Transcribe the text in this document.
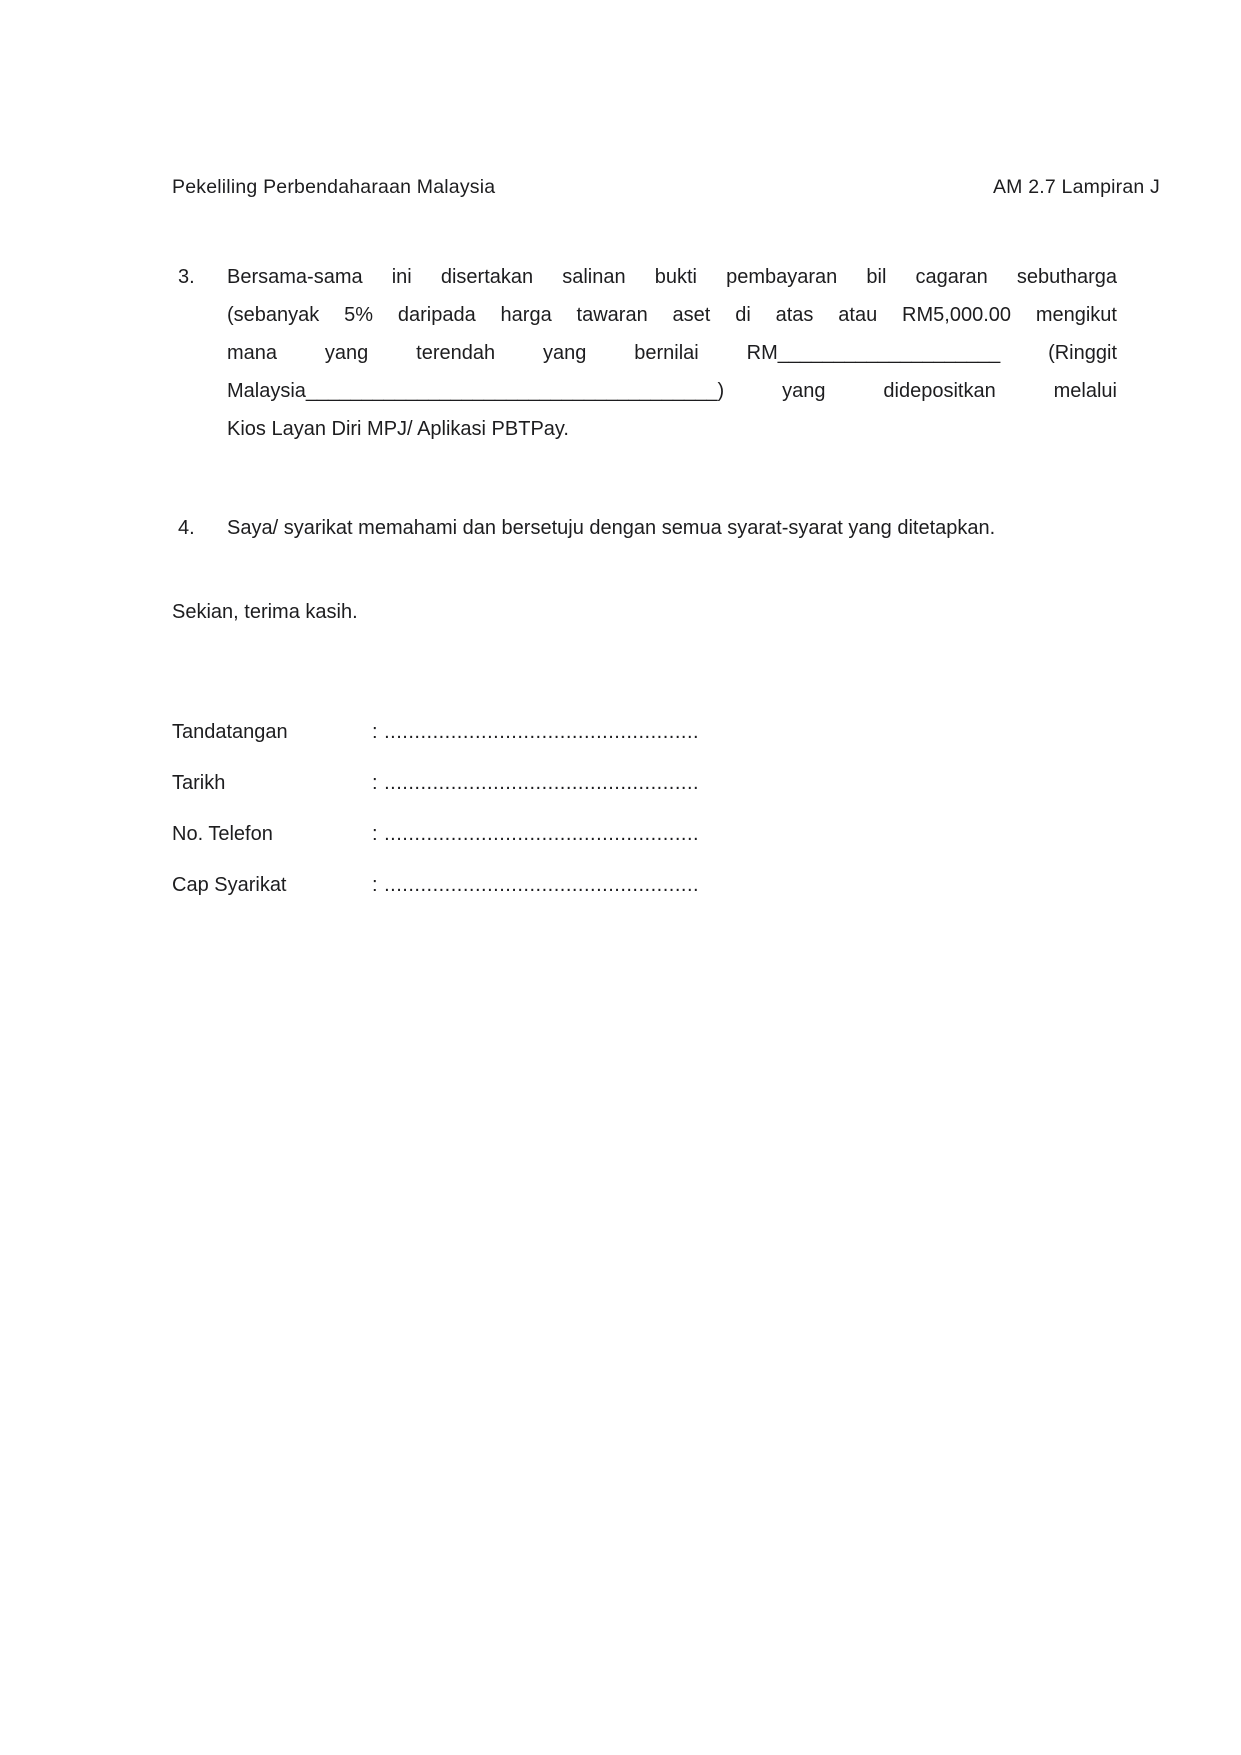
Pekeliling Perbendaharaan Malaysia	AM 2.7 Lampiran J
3. Bersama-sama ini disertakan salinan bukti pembayaran bil cagaran sebutharga
(sebanyak 5% daripada harga tawaran aset di atas atau RM5,000.00 mengikut
mana yang terendah yang bernilai RM____________________ (Ringgit
Malaysia_____________________________________) yang didepositkan melalui
Kios Layan Diri MPJ/ Aplikasi PBTPay.
4. Saya/ syarikat memahami dan bersetuju dengan semua syarat-syarat yang ditetapkan.

Sekian, terima kasih.

Tandatangan	: ....................................................
Tarikh	: ....................................................
No. Telefon	: ....................................................
Cap Syarikat	: ....................................................
